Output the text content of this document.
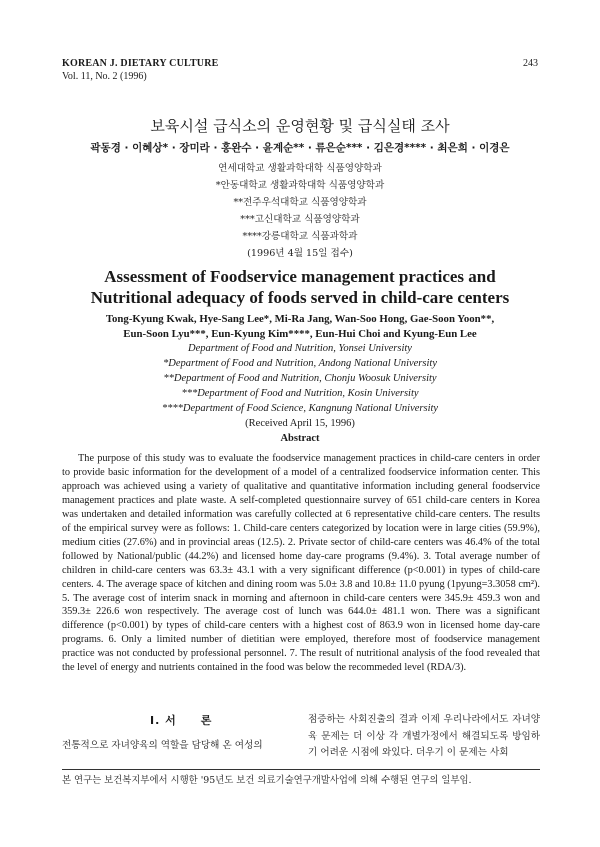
KOREAN J. DIETARY CULTURE
Vol. 11, No. 2 (1996)
243
보육시설 급식소의 운영현황 및 급식실태 조사
곽동경 · 이혜상* · 장미라 · 홍완수 · 윤계순** · 류은순*** · 김은경**** · 최은희 · 이경은
연세대학교 생활과학대학 식품영양학과
*안동대학교 생활과학대학 식품영양학과
**전주우석대학교 식품영양학과
***고신대학교 식품영양학과
****강릉대학교 식품과학과
(1996년 4월 15일 접수)
Assessment of Foodservice management practices and
Nutritional adequacy of foods served in child-care centers
Tong-Kyung Kwak, Hye-Sang Lee*, Mi-Ra Jang, Wan-Soo Hong, Gae-Soon Yoon**,
Eun-Soon Lyu***, Eun-Kyung Kim****, Eun-Hui Choi and Kyung-Eun Lee
Department of Food and Nutrition, Yonsei University
*Department of Food and Nutrition, Andong National University
**Department of Food and Nutrition, Chonju Woosuk University
***Department of Food and Nutrition, Kosin University
****Department of Food Science, Kangnung National University
(Received April 15, 1996)
Abstract

The purpose of this study was to evaluate the foodservice management practices in child-care centers in order to provide basic information for the development of a model of a centralized foodservice information center. This approach was achieved using a variety of qualitative and quantitative information including general foodservice management practices and plate waste. A self-completed questionnaire survey of 651 child-care centers in Korea was undertaken and detailed information was carefully collected at 6 representative child-care centers. The results of the empirical survey were as follows: 1. Child-care centers categorized by location were in large cities (59.9%), medium cities (27.6%) and in provincial areas (12.5). 2. Private sector of child-care centers was 46.4% of the total followed by National/public (44.2%) and licensed home day-care programs (9.4%). 3. Total average number of children in child-care centers was 63.3± 43.1 with a very significant difference (p<0.001) in types of child-care centers. 4. The average space of kitchen and dining room was 5.0± 3.8 and 10.8± 11.0 pyung (1pyung=3.3058 cm²). 5. The average cost of interim snack in morning and afternoon in child-care centers were 345.9± 459.3 won and 359.3± 226.6 won respectively. The average cost of lunch was 644.0± 481.1 won. There was a significant difference (p<0.001) by types of child-care centers with a highest cost of 863.9 won in licensed home day-care programs. 6. Only a limited number of dietitian were employed, therefore most of foodservice management practice was not conducted by professional personnel. 7. The result of nutritional analysis of the food revealed that the level of energy and nutrients contained in the food was below the recommeded level (RDA/3).

I. 서　　론

전통적으로 자녀양육의 역할을 담당해 온 여성의

점증하는 사회진출의 결과 이제 우리나라에서도 자녀양육 문제는 더 이상 각 개별가정에서 해결되도록 방임하기 어려운 시점에 와있다. 더우기 이 문제는 사회

본 연구는 보건복지부에서 시행한 '95년도 보건 의료기술연구개발사업에 의해 수행된 연구의 일부임.
